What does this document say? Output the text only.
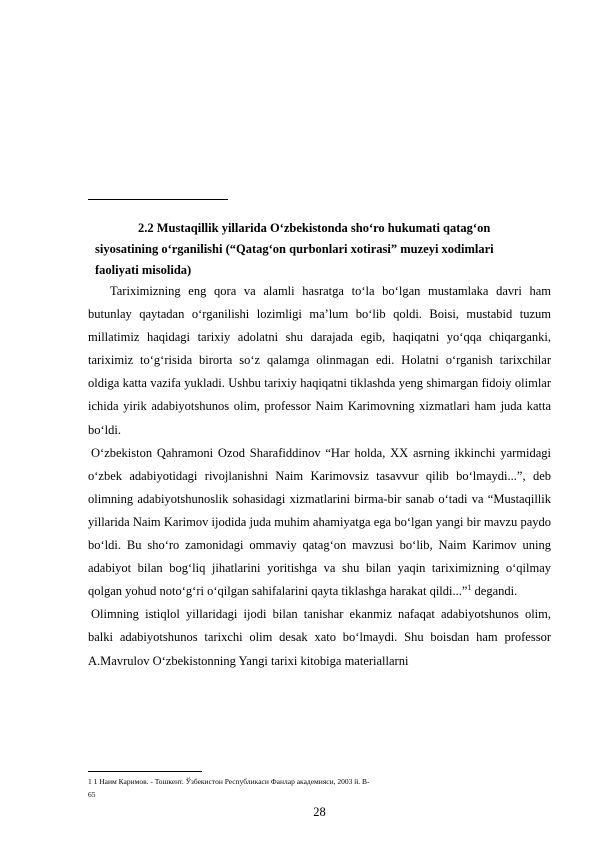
2.2 Mustaqillik yillarida O‘zbekistonda sho‘ro hukumati qatag‘on
siyosatining o‘rganilishi (“Qatag‘on qurbonlari xotirasi” muzeyi xodimlari
faoliyati misolida)

Tariximizning eng qora va alamli hasratga to‘la bo‘lgan mustamlaka davri ham butunlay qaytadan o‘rganilishi lozimligi ma’lum bo‘lib qoldi. Boisi, mustabid tuzum millatimiz haqidagi tarixiy adolatni shu darajada egib, haqiqatni yo‘qqa chiqarganki, tariximiz to‘g‘risida birorta so‘z qalamga olinmagan edi. Holatni o‘rganish tarixchilar oldiga katta vazifa yukladi. Ushbu tarixiy haqiqatni tiklashda yeng shimargan fidoiy olimlar ichida yirik adabiyotshunos olim, professor Naim Karimovning xizmatlari ham juda katta bo‘ldi.

O‘zbekiston Qahramoni Ozod Sharafiddinov “Har holda, XX asrning ikkinchi yarmidagi o‘zbek adabiyotidagi rivojlanishni Naim Karimovsiz tasavvur qilib bo‘lmaydi...”, deb olimning adabiyotshunoslik sohasidagi xizmatlarini birma-bir sanab o‘tadi va “Mustaqillik yillarida Naim Karimov ijodida juda muhim ahamiyatga ega bo‘lgan yangi bir mavzu paydo bo‘ldi. Bu sho‘ro zamonidagi ommaviy qatag‘on mavzusi bo‘lib, Naim Karimov uning adabiyot bilan bog‘liq jihatlarini yoritishga va shu bilan yaqin tariximizning o‘qilmay qolgan yohud noto‘g‘ri o‘qilgan sahifalarini qayta tiklashga harakat qildi...”$^1$ degandi.

Olimning istiqlol yillaridagi ijodi bilan tanishar ekanmiz nafaqat adabiyotshunos olim, balki adabiyotshunos tarixchi olim desak xato bo‘lmaydi. Shu boisdan ham professor A.Mavrulov O‘zbekistonning Yangi tarixi kitobiga materiallarni

1 1 Наим Каримов. - Тошкент. Ўзбекистон Республикаси Фанлар академияси, 2003 й. В-
65
28
